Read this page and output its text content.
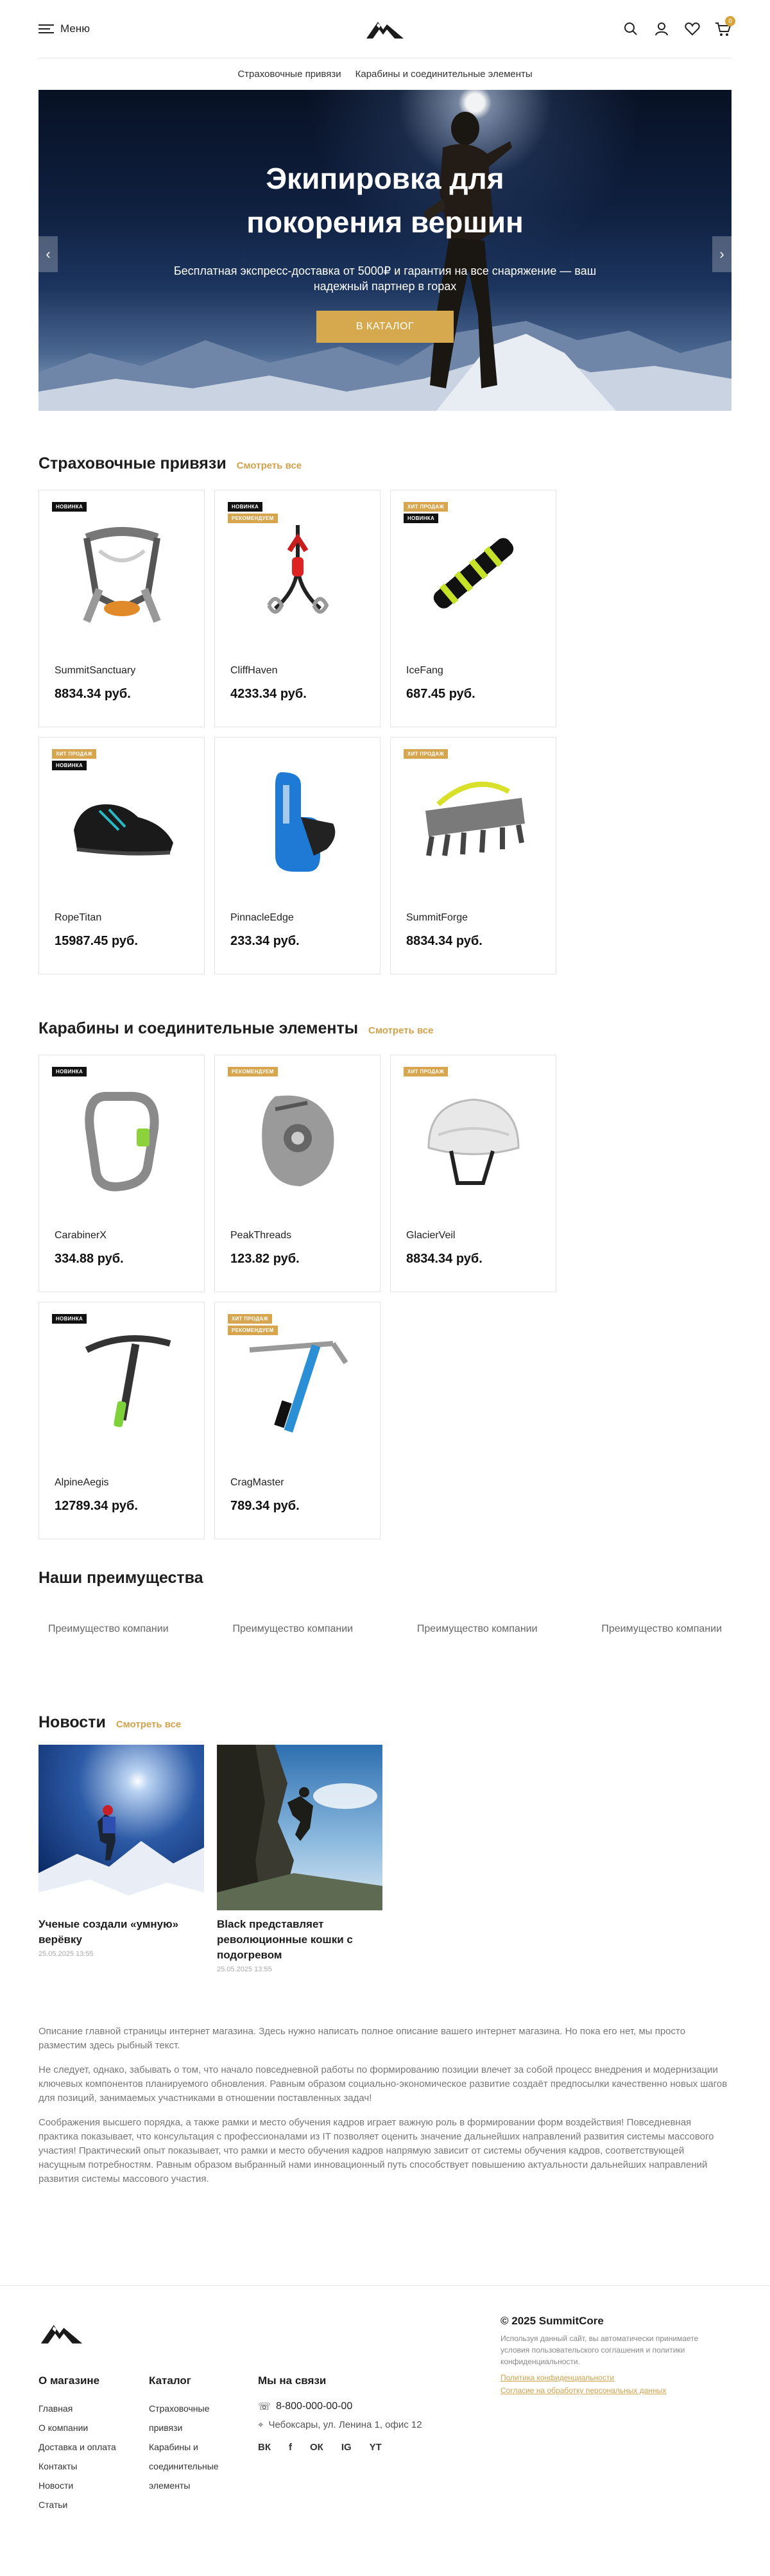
Меню
0
Страховочные привязи Карабины и соединительные элементы
‹	›
Экипировка для покорения вершин
Бесплатная экспресс-доставка от 5000₽ и гарантия на все снаряжение — ваш надежный партнер в горах
В КАТАЛОГ
Страховочные привязи Смотреть все
НОВИНКА
SummitSanctuary
8834.34 руб.
НОВИНКА
РЕКОМЕНДУЕМ
CliffHaven
4233.34 руб.
ХИТ ПРОДАЖ
НОВИНКА
IceFang
687.45 руб.
ХИТ ПРОДАЖ
НОВИНКА
RopeTitan
15987.45 руб.
PinnacleEdge
233.34 руб.
ХИТ ПРОДАЖ
SummitForge
8834.34 руб.
Карабины и соединительные элементы Смотреть все
НОВИНКА
CarabinerX
334.88 руб.
РЕКОМЕНДУЕМ
PeakThreads
123.82 руб.
ХИТ ПРОДАЖ
GlacierVeil
8834.34 руб.
НОВИНКА
AlpineAegis
12789.34 руб.
ХИТ ПРОДАЖ
РЕКОМЕНДУЕМ
CragMaster
789.34 руб.
Наши преимущества
Преимущество компании	Преимущество компании	Преимущество компании	Преимущество компании
Новости Смотреть все
Ученые создали «умную» верёвку
25.05.2025 13:55
Black представляет революционные кошки с подогревом
25.05.2025 13:55

Описание главной страницы интернет магазина. Здесь нужно написать полное описание вашего интернет магазина. Но пока его нет, мы просто разместим здесь рыбный текст.

Не следует, однако, забывать о том, что начало повседневной работы по формированию позиции влечет за собой процесс внедрения и модернизации ключевых компонентов планируемого обновления. Равным образом социально-экономическое развитие создаёт предпосылки качественно новых шагов для позиций, занимаемых участниками в отношении поставленных задач!

Соображения высшего порядка, а также рамки и место обучения кадров играет важную роль в формировании форм воздействия! Повседневная практика показывает, что консультация с профессионалами из IT позволяет оценить значение дальнейших направлений развития системы массового участия! Практический опыт показывает, что рамки и место обучения кадров напрямую зависит от системы обучения кадров, соответствующей насущным потребностям. Равным образом выбранный нами инновационный путь способствует повышению актуальности дальнейших направлений развития системы массового участия.

О магазине
Главная
О компании
Доставка и оплата
Контакты
Новости
Статьи
Каталог
Страховочные привязи
Карабины и соединительные элементы
Мы на связи
☏ 8-800-000-00-00
⌖ Чебоксары, ул. Ленина 1, офис 12
ВК f ОК IG YT
© 2025 SummitCore
Используя данный сайт, вы автоматически принимаете условия пользовательского соглашения и политики конфиденциальности.
Политика конфиденциальности
Согласие на обработку персональных данных
